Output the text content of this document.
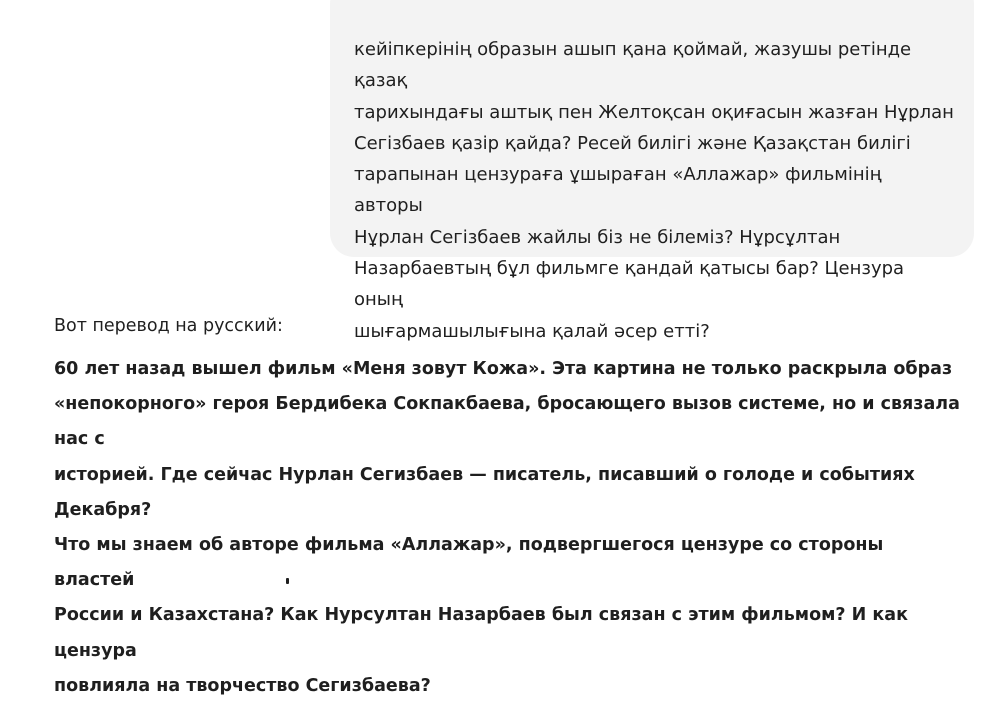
кейіпкерінің образын ашып қана қоймай, жазушы ретінде қазақ
тарихындағы аштық пен Желтоқсан оқиғасын жазған Нұрлан
Сегізбаев қазір қайда? Ресей билігі және Қазақстан билігі
тарапынан цензураға ұшыраған «Аллажар» фильмінің авторы
Нұрлан Сегізбаев жайлы біз не білеміз? Нұрсұлтан
Назарбаевтың бұл фильмге қандай қатысы бар? Цензура оның
шығармашылығына қалай әсер етті?

Вот перевод на русский:

60 лет назад вышел фильм «Меня зовут Кожа». Эта картина не только раскрыла образ
«непокорного» героя Бердибека Сокпакбаева, бросающего вызов системе, но и связала нас с
историей. Где сейчас Нурлан Сегизбаев — писатель, писавший о голоде и событиях Декабря?
Что мы знаем об авторе фильма «Аллажар», подвергшегося цензуре со стороны властей
России и Казахстана? Как Нурсултан Назарбаев был связан с этим фильмом? И как цензура
повлияла на творчество Сегизбаева?
